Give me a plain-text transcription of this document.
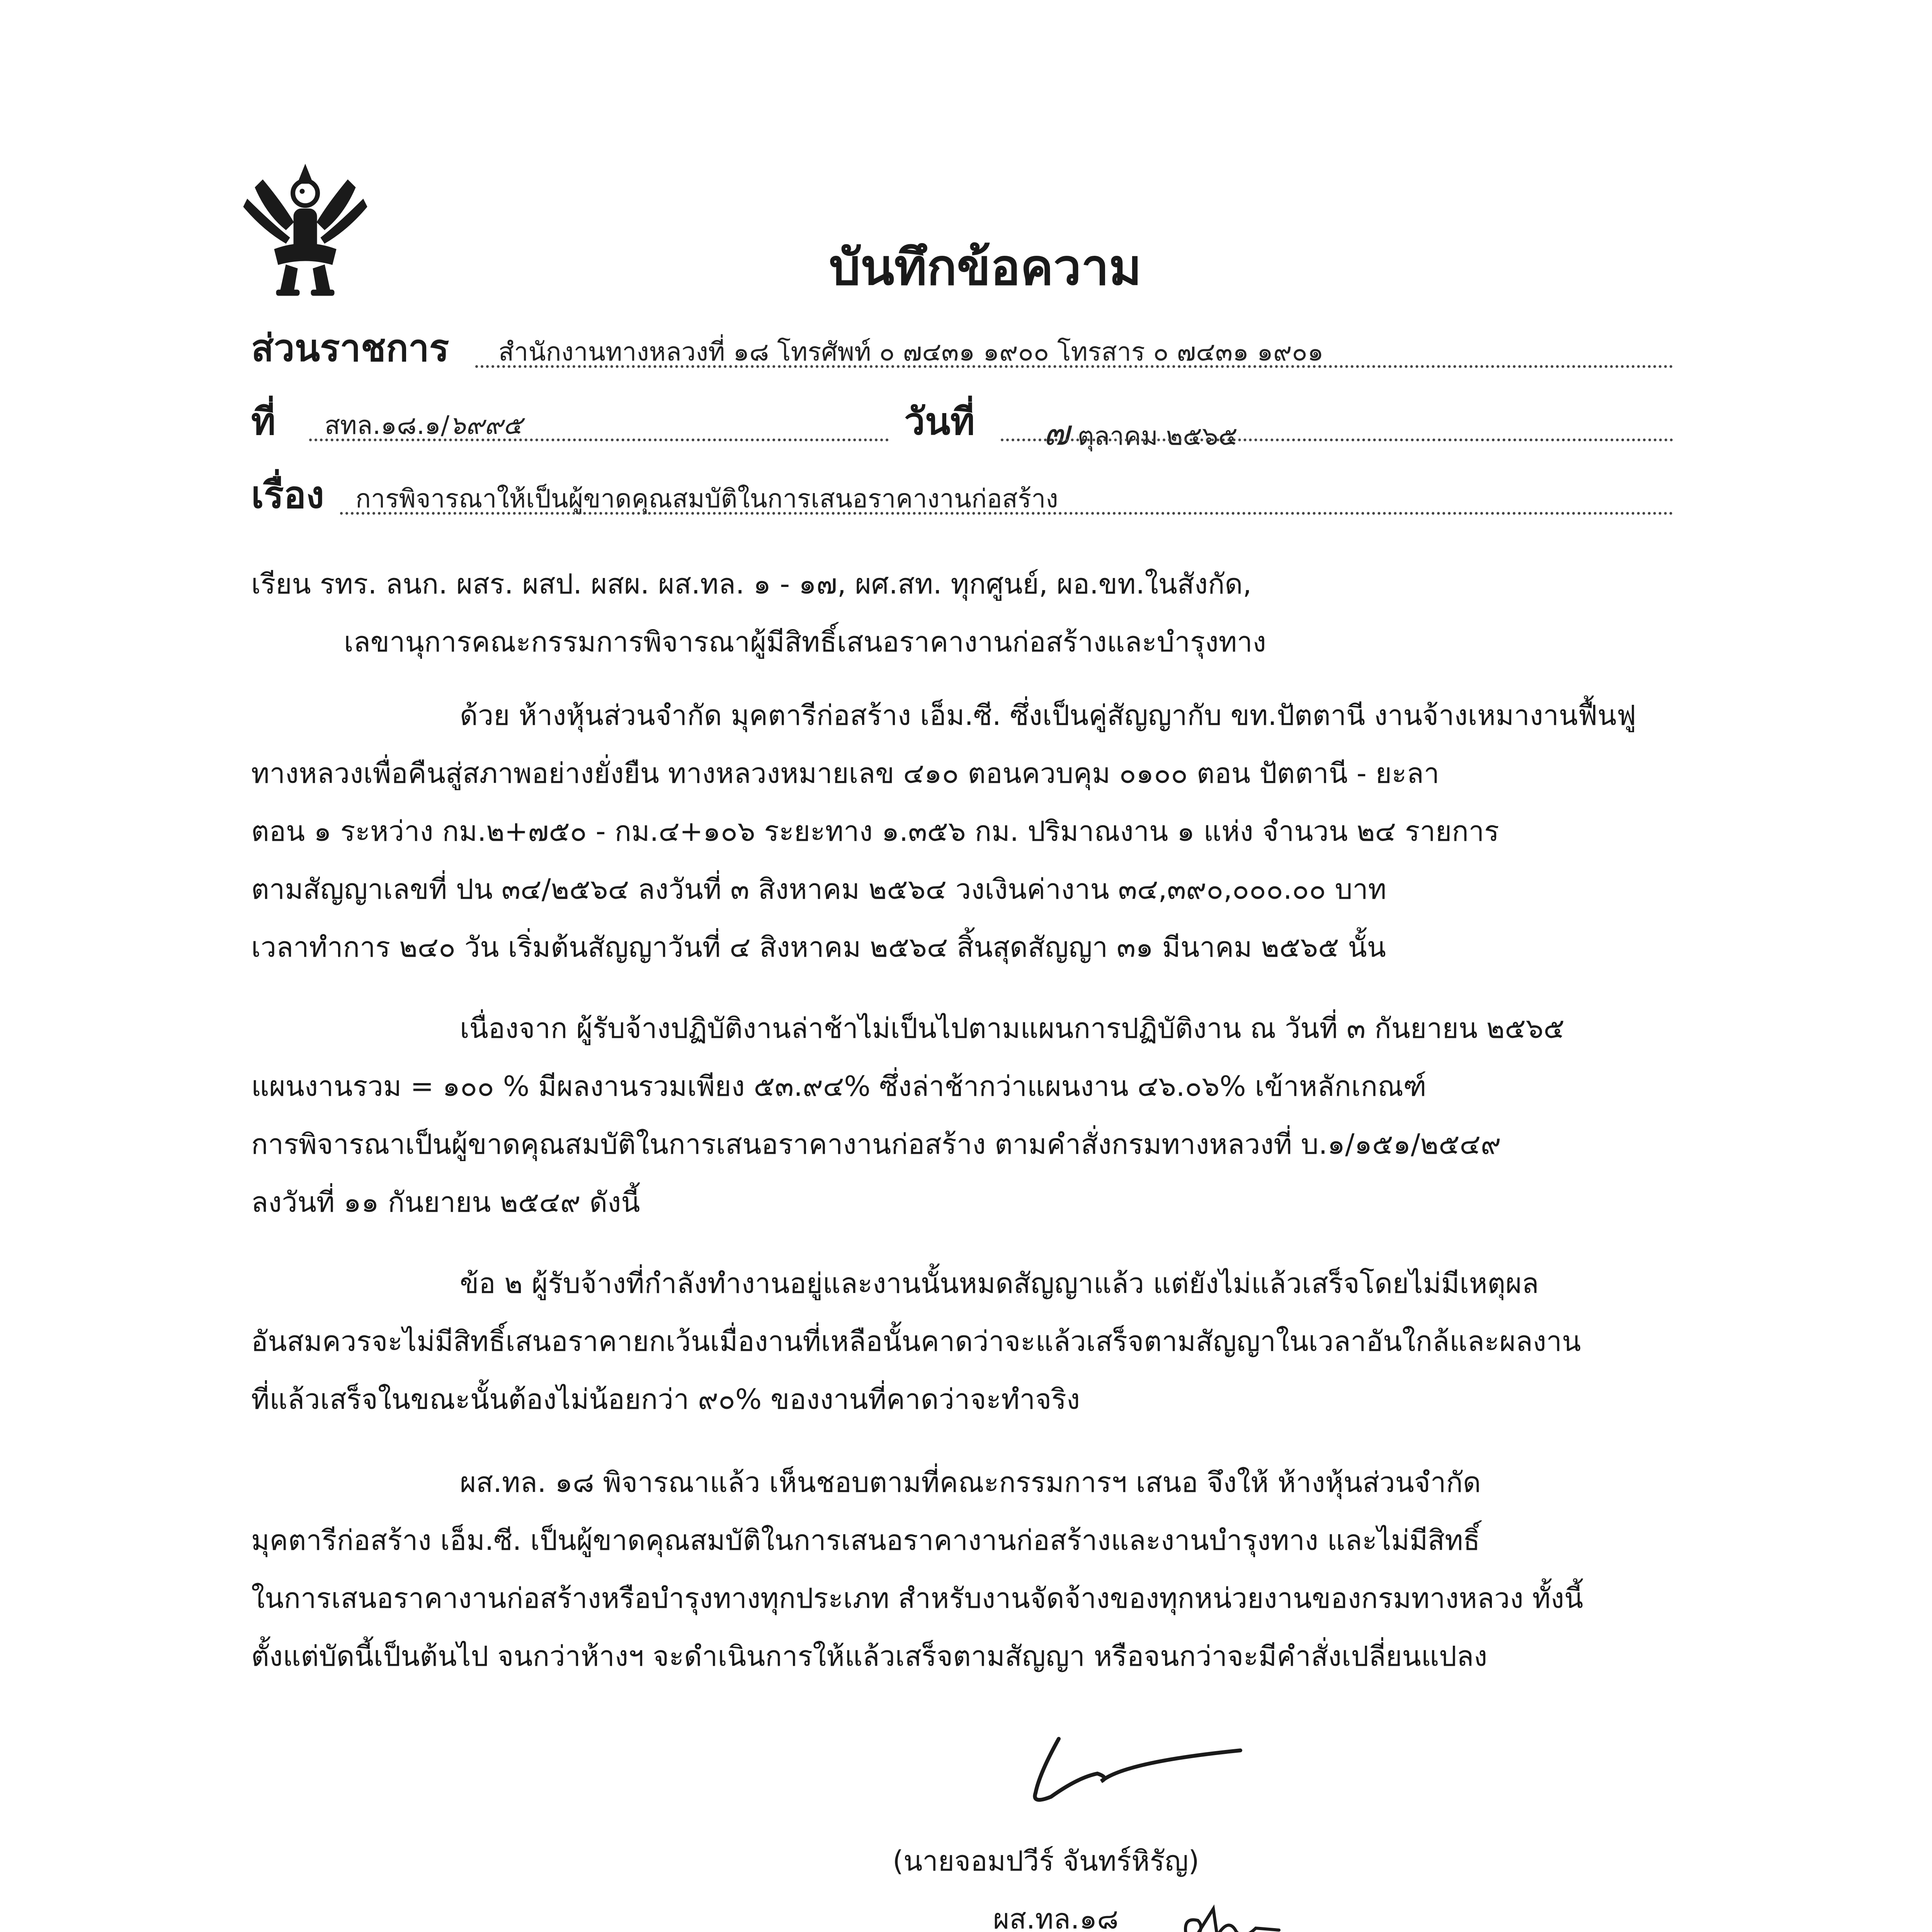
บันทึกข้อความ
ส่วนราชการ สำนักงานทางหลวงที่ ๑๘ โทรศัพท์ ๐ ๗๔๓๑ ๑๙๐๐ โทรสาร ๐ ๗๔๓๑ ๑๙๐๑
ที่ สทล.๑๘.๑/๖๙๙๕	วันที่ ๗ ตุลาคม ๒๕๖๕
เรื่อง การพิจารณาให้เป็นผู้ขาดคุณสมบัติในการเสนอราคางานก่อสร้าง
เรียน รทร. ลนก. ผสร. ผสป. ผสผ. ผส.ทล. ๑ - ๑๗, ผศ.สท. ทุกศูนย์, ผอ.ขท.ในสังกัด,
เลขานุการคณะกรรมการพิจารณาผู้มีสิทธิ์เสนอราคางานก่อสร้างและบำรุงทาง
ด้วย ห้างหุ้นส่วนจำกัด มุคตารีก่อสร้าง เอ็ม.ซี. ซึ่งเป็นคู่สัญญากับ ขท.ปัตตานี งานจ้างเหมางานฟื้นฟู
ทางหลวงเพื่อคืนสู่สภาพอย่างยั่งยืน ทางหลวงหมายเลข ๔๑๐ ตอนควบคุม ๐๑๐๐ ตอน ปัตตานี - ยะลา
ตอน ๑ ระหว่าง กม.๒+๗๕๐ - กม.๔+๑๐๖ ระยะทาง ๑.๓๕๖ กม. ปริมาณงาน ๑ แห่ง จำนวน ๒๔ รายการ
ตามสัญญาเลขที่ ปน ๓๔/๒๕๖๔ ลงวันที่ ๓ สิงหาคม ๒๕๖๔ วงเงินค่างาน ๓๔,๓๙๐,๐๐๐.๐๐ บาท
เวลาทำการ ๒๔๐ วัน เริ่มต้นสัญญาวันที่ ๔ สิงหาคม ๒๕๖๔ สิ้นสุดสัญญา ๓๑ มีนาคม ๒๕๖๕ นั้น
เนื่องจาก ผู้รับจ้างปฏิบัติงานล่าช้าไม่เป็นไปตามแผนการปฏิบัติงาน ณ วันที่ ๓ กันยายน ๒๕๖๕
แผนงานรวม = ๑๐๐ % มีผลงานรวมเพียง ๕๓.๙๔% ซึ่งล่าช้ากว่าแผนงาน ๔๖.๐๖% เข้าหลักเกณฑ์
การพิจารณาเป็นผู้ขาดคุณสมบัติในการเสนอราคางานก่อสร้าง ตามคำสั่งกรมทางหลวงที่ บ.๑/๑๕๑/๒๕๔๙
ลงวันที่ ๑๑ กันยายน ๒๕๔๙ ดังนี้
ข้อ ๒ ผู้รับจ้างที่กำลังทำงานอยู่และงานนั้นหมดสัญญาแล้ว แต่ยังไม่แล้วเสร็จโดยไม่มีเหตุผล
อันสมควรจะไม่มีสิทธิ์เสนอราคายกเว้นเมื่องานที่เหลือนั้นคาดว่าจะแล้วเสร็จตามสัญญาในเวลาอันใกล้และผลงาน
ที่แล้วเสร็จในขณะนั้นต้องไม่น้อยกว่า ๙๐% ของงานที่คาดว่าจะทำจริง
ผส.ทล. ๑๘ พิจารณาแล้ว เห็นชอบตามที่คณะกรรมการฯ เสนอ จึงให้ ห้างหุ้นส่วนจำกัด
มุคตารีก่อสร้าง เอ็ม.ซี. เป็นผู้ขาดคุณสมบัติในการเสนอราคางานก่อสร้างและงานบำรุงทาง และไม่มีสิทธิ์
ในการเสนอราคางานก่อสร้างหรือบำรุงทางทุกประเภท สำหรับงานจัดจ้างของทุกหน่วยงานของกรมทางหลวง ทั้งนี้
ตั้งแต่บัดนี้เป็นต้นไป จนกว่าห้างฯ จะดำเนินการให้แล้วเสร็จตามสัญญา หรือจนกว่าจะมีคำสั่งเปลี่ยนแปลง
(นายจอมปวีร์ จันทร์หิรัญ)
ผส.ทล.๑๘
